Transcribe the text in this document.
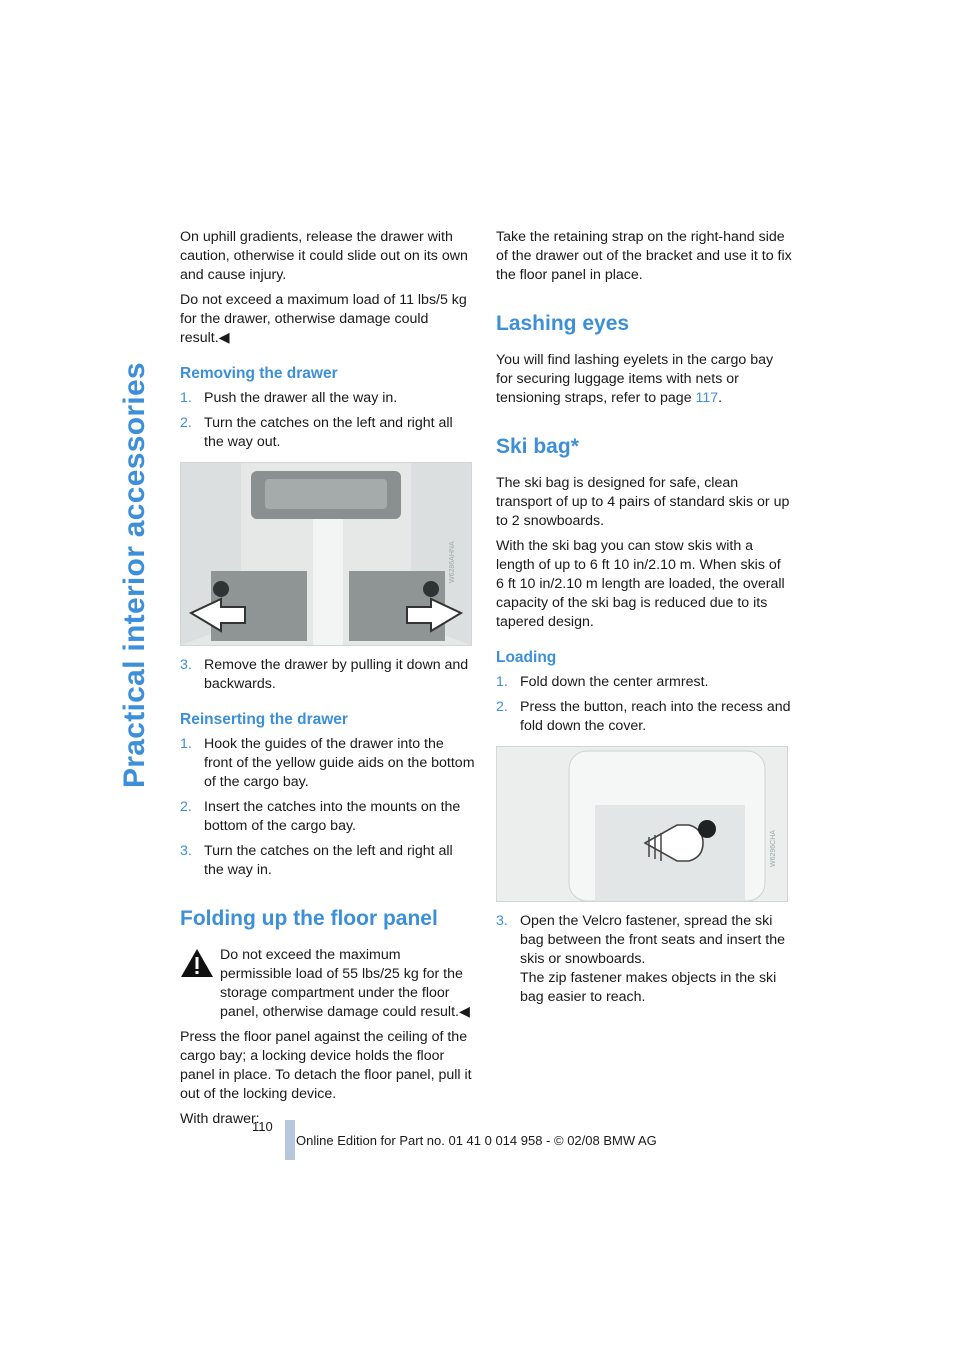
Practical interior accessories

On uphill gradients, release the drawer with caution, otherwise it could slide out on its own and cause injury.

Do not exceed a maximum load of 11 lbs/5 kg for the drawer, otherwise damage could result.◀

Removing the drawer
1. Push the drawer all the way in.
2. Turn the catches on the left and right all the way out.
W6286AHNA
3. Remove the drawer by pulling it down and backwards.
Reinserting the drawer
1. Hook the guides of the drawer into the front of the yellow guide aids on the bottom of the cargo bay.
2. Insert the catches into the mounts on the bottom of the cargo bay.
3. Turn the catches on the left and right all the way in.
Folding up the floor panel

Do not exceed the maximum permissible load of 55 lbs/25 kg for the storage compartment under the floor panel, otherwise damage could result.◀

Press the floor panel against the ceiling of the cargo bay; a locking device holds the floor panel in place. To detach the floor panel, pull it out of the locking device.

With drawer:

Take the retaining strap on the right-hand side of the drawer out of the bracket and use it to fix the floor panel in place.

Lashing eyes

You will find lashing eyelets in the cargo bay for securing luggage items with nets or tensioning straps, refer to page 117.

Ski bag*

The ski bag is designed for safe, clean transport of up to 4 pairs of standard skis or up to 2 snowboards.

With the ski bag you can stow skis with a length of up to 6 ft 10 in/2.10 m. When skis of 6 ft 10 in/2.10 m length are loaded, the overall capacity of the ski bag is reduced due to its tapered design.

Loading
1. Fold down the center armrest.
2. Press the button, reach into the recess and fold down the cover.
W6296CHA
3. Open the Velcro fastener, spread the ski bag between the front seats and insert the skis or snowboards.
The zip fastener makes objects in the ski bag easier to reach.
110
Online Edition for Part no. 01 41 0 014 958 - © 02/08 BMW AG
